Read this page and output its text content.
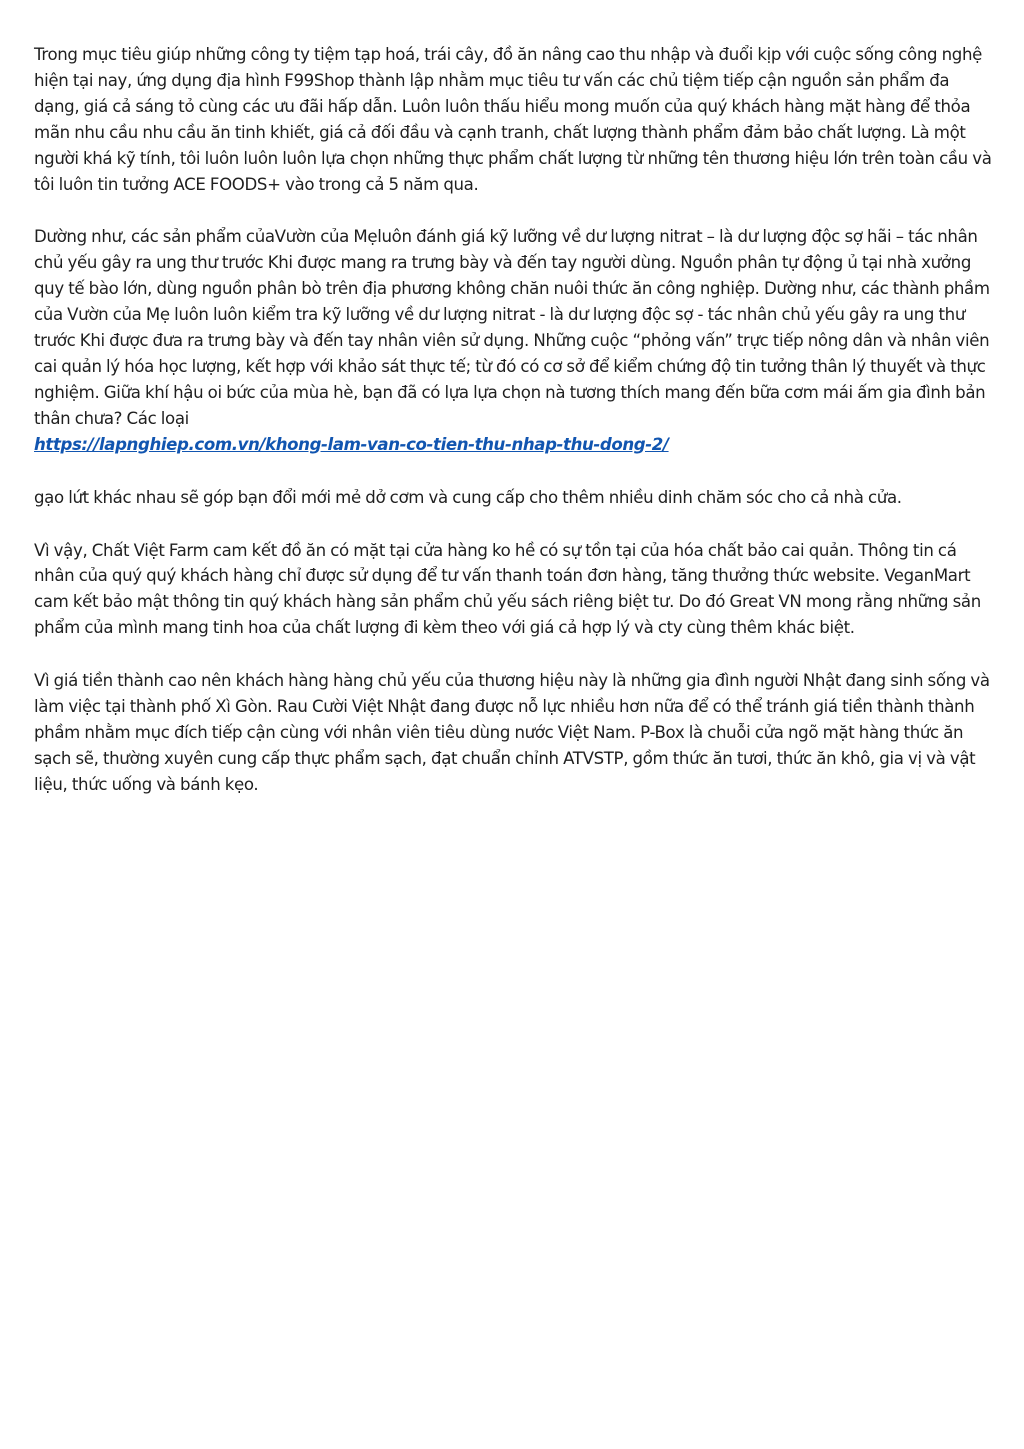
Trong mục tiêu giúp những công ty tiệm tạp hoá, trái cây, đồ ăn nâng cao thu nhập và đuổi kịp với cuộc sống công nghệ hiện tại nay, ứng dụng địa hình F99Shop thành lập nhằm mục tiêu tư vấn các chủ tiệm tiếp cận nguồn sản phẩm đa dạng, giá cả sáng tỏ cùng các ưu đãi hấp dẫn. Luôn luôn thấu hiểu mong muốn của quý khách hàng mặt hàng để thỏa mãn nhu cầu nhu cầu ăn tinh khiết, giá cả đối đầu và cạnh tranh, chất lượng thành phẩm đảm bảo chất lượng. Là một người khá kỹ tính, tôi luôn luôn luôn lựa chọn những thực phẩm chất lượng từ những tên thương hiệu lớn trên toàn cầu và tôi luôn tin tưởng ACE FOODS+ vào trong cả 5 năm qua.

Dường như, các sản phẩm củaVườn của Mẹluôn đánh giá kỹ lưỡng về dư lượng nitrat – là dư lượng độc sợ hãi – tác nhân chủ yếu gây ra ung thư trước Khi được mang ra trưng bày và đến tay người dùng. Nguồn phân tự động ủ tại nhà xưởng quy tế bào lớn, dùng nguồn phân bò trên địa phương không chăn nuôi thức ăn công nghiệp. Dường như, các thành phầm của Vườn của Mẹ luôn luôn kiểm tra kỹ lưỡng về dư lượng nitrat - là dư lượng độc sợ - tác nhân chủ yếu gây ra ung thư trước Khi được đưa ra trưng bày và đến tay nhân viên sử dụng. Những cuộc “phỏng vấn” trực tiếp nông dân và nhân viên cai quản lý hóa học lượng, kết hợp với khảo sát thực tế; từ đó có cơ sở để kiểm chứng độ tin tưởng thân lý thuyết và thực nghiệm. Giữa khí hậu oi bức của mùa hè, bạn đã có lựa lựa chọn nà tương thích mang đến bữa cơm mái ấm gia đình bản thân chưa? Các loại
https://lapnghiep.com.vn/khong-lam-van-co-tien-thu-nhap-thu-dong-2/

gạo lứt khác nhau sẽ góp bạn đổi mới mẻ dở cơm và cung cấp cho thêm nhiều dinh chăm sóc cho cả nhà cửa.

Vì vậy, Chất Việt Farm cam kết đồ ăn có mặt tại cửa hàng ko hề có sự tồn tại của hóa chất bảo cai quản. Thông tin cá nhân của quý quý khách hàng chỉ được sử dụng để tư vấn thanh toán đơn hàng, tăng thưởng thức website. VeganMart cam kết bảo mật thông tin quý khách hàng sản phẩm chủ yếu sách riêng biệt tư. Do đó Great VN mong rằng những sản phẩm của mình mang tinh hoa của chất lượng đi kèm theo với giá cả hợp lý và cty cùng thêm khác biệt.

Vì giá tiền thành cao nên khách hàng hàng chủ yếu của thương hiệu này là những gia đình người Nhật đang sinh sống và làm việc tại thành phố Xì Gòn. Rau Cười Việt Nhật đang được nỗ lực nhiều hơn nữa để có thể tránh giá tiền thành thành phầm nhằm mục đích tiếp cận cùng với nhân viên tiêu dùng nước Việt Nam. P-Box là chuỗi cửa ngõ mặt hàng thức ăn sạch sẽ, thường xuyên cung cấp thực phẩm sạch, đạt chuẩn chỉnh ATVSTP, gồm thức ăn tươi, thức ăn khô, gia vị và vật liệu, thức uống và bánh kẹo.
